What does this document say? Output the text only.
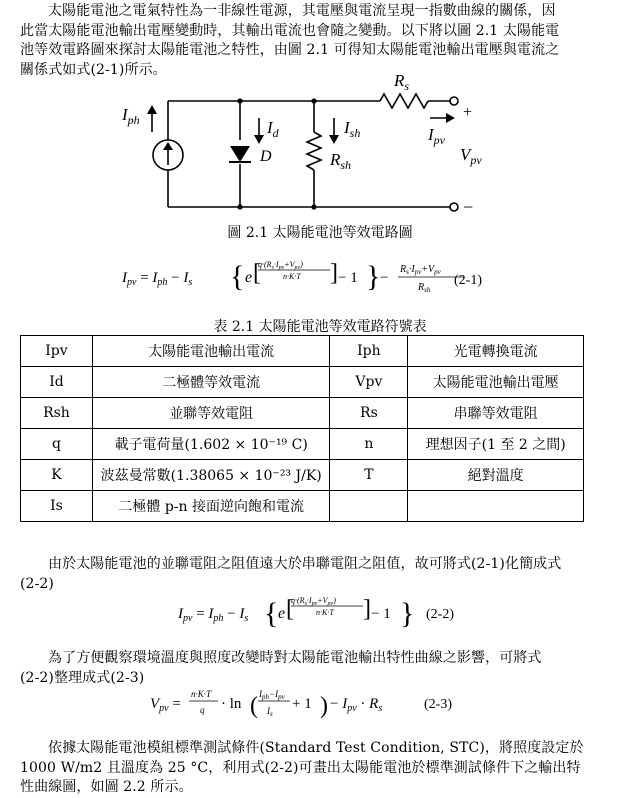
太陽能電池之電氣特性為一非線性電源，其電壓與電流呈現一指數曲線的關係，因
此當太陽能電池輸出電壓變動時，其輸出電流也會隨之變動。以下將以圖 2.1 太陽能電
池等效電路圖來探討太陽能電池之特性，由圖 2.1 可得知太陽能電池輸出電壓與電流之
關係式如式(2-1)所示。
$I_{ph}$	$I_d$
D
$I_{sh}$
$R_{sh}$
$R_s$
$I_{pv}$
$V_{pv}$
+
−
圖 2.1 太陽能電池等效電路圖
$I_{pv} = I_{ph} - I_s$ { e [
$q\cdot(R_s\cdot I_{pv}+V_{pv})$
n·K·T ] − 1 } −
$R_s\cdot I_{pv}+V_{pv}$
$R_{sh}$
(2-1)
表 2.1 太陽能電池等效電路符號表
Ipv	太陽能電池輸出電流	Iph	光電轉換電流
Id	二極體等效電流	Vpv	太陽能電池輸出電壓
Rsh	並聯等效電阻	Rs	串聯等效電阻
q	載子電荷量(1.602 × 10⁻¹⁹ C)	n	理想因子(1 至 2 之間)
K	波茲曼常數(1.38065 × 10⁻²³ J/K)	T	絕對溫度
Is	二極體 p-n 接面逆向飽和電流		
由於太陽能電池的並聯電阻之阻值遠大於串聯電阻之阻值，故可將式(2-1)化簡成式
(2-2)
$I_{pv} = I_{ph} - I_s$ { e [
$q\cdot(R_s\cdot I_{pv}+V_{pv})$
n·K·T ] − 1 } (2-2)
為了方便觀察環境溫度與照度改變時對太陽能電池輸出特性曲線之影響，可將式
(2-2)整理成式(2-3)
$V_{pv}$ =
n·K·T
q · ln ( $I_{ph}-I_{pv}$
$I_s$
+ 1 ) − $I_{pv} \cdot R_s$	(2-3)
依據太陽能電池模組標準測試條件(Standard Test Condition, STC)，將照度設定於
1000 W/m2 且溫度為 25 °C，利用式(2-2)可畫出太陽能電池於標準測試條件下之輸出特
性曲線圖，如圖 2.2 所示。
